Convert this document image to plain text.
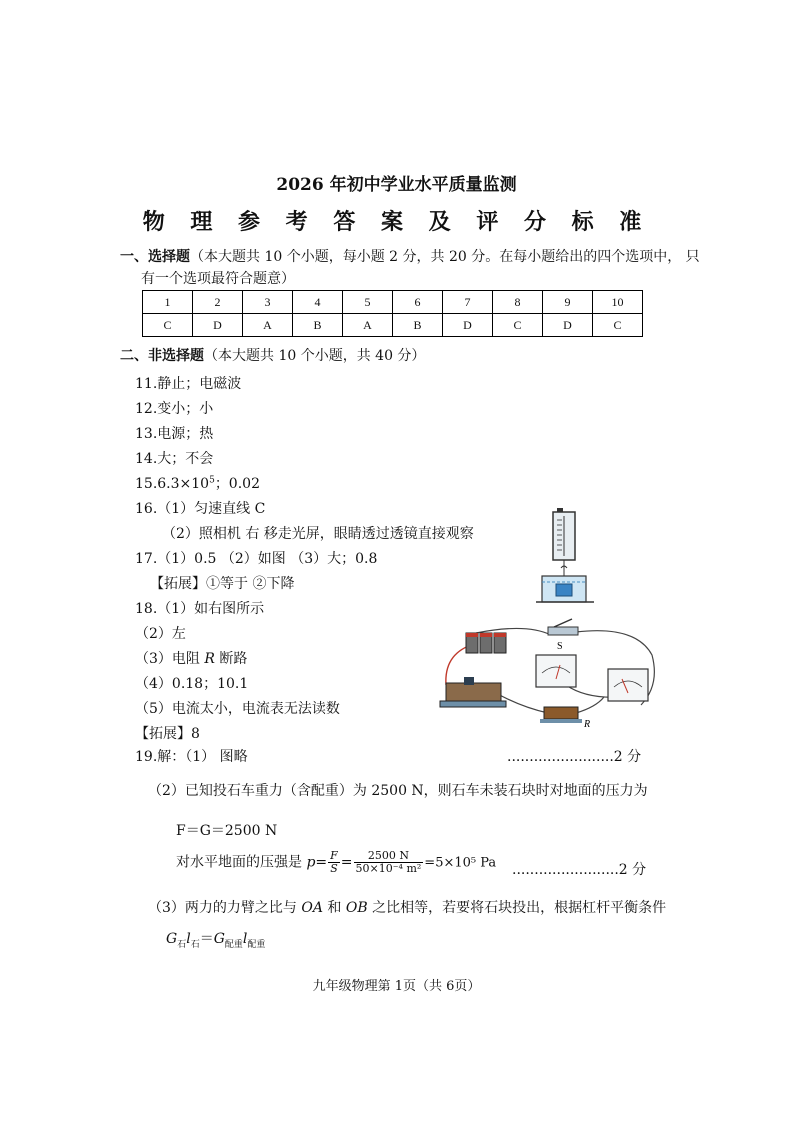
2026 年初中学业水平质量监测
物 理 参 考 答 案 及 评 分 标 准
一、选择题（本大题共 10 个小题，每小题 2 分，共 20 分。在每小题给出的四个选项中， 只
有一个选项最符合题意）
1	2	3	4	5	6	7	8	9	10
C	D	A	B	A	B	D	C	D	C
二、非选择题（本大题共 10 个小题，共 40 分）
11.静止；电磁波
12.变小；小
13.电源；热
14.大；不会
$15.6.3\times 10^5$；0.02
16.（1）匀速直线 C
（2）照相机 右 移走光屏，眼睛透过透镜直接观察
17.（1）0.5 （2）如图 （3）大；0.8
【拓展】①等于 ②下降
18.（1）如右图所示
（2）左
（3）电阻 R 断路
（4）0.18；10.1
（5）电流太小，电流表无法读数
【拓展】8
19.解：（1） 图略	........................2 分
（2）已知投石车重力（含配重）为 2500 N，则石车未装石块时对地面的压力为
F＝G＝2500 N
对水平地面的压强是 $p= \frac{F}{S} = \frac{2500 N}{\text{50×10⁻⁴ m²}} =5\times 10^5$ Pa ........................2 分
（3）两力的力臂之比与 OA 和 OB 之比相等，若要将石块投出，根据杠杆平衡条件
$G_石l_石=G_{配重}l_{配重}$
S
R
九年级物理第 1页（共 6页）
